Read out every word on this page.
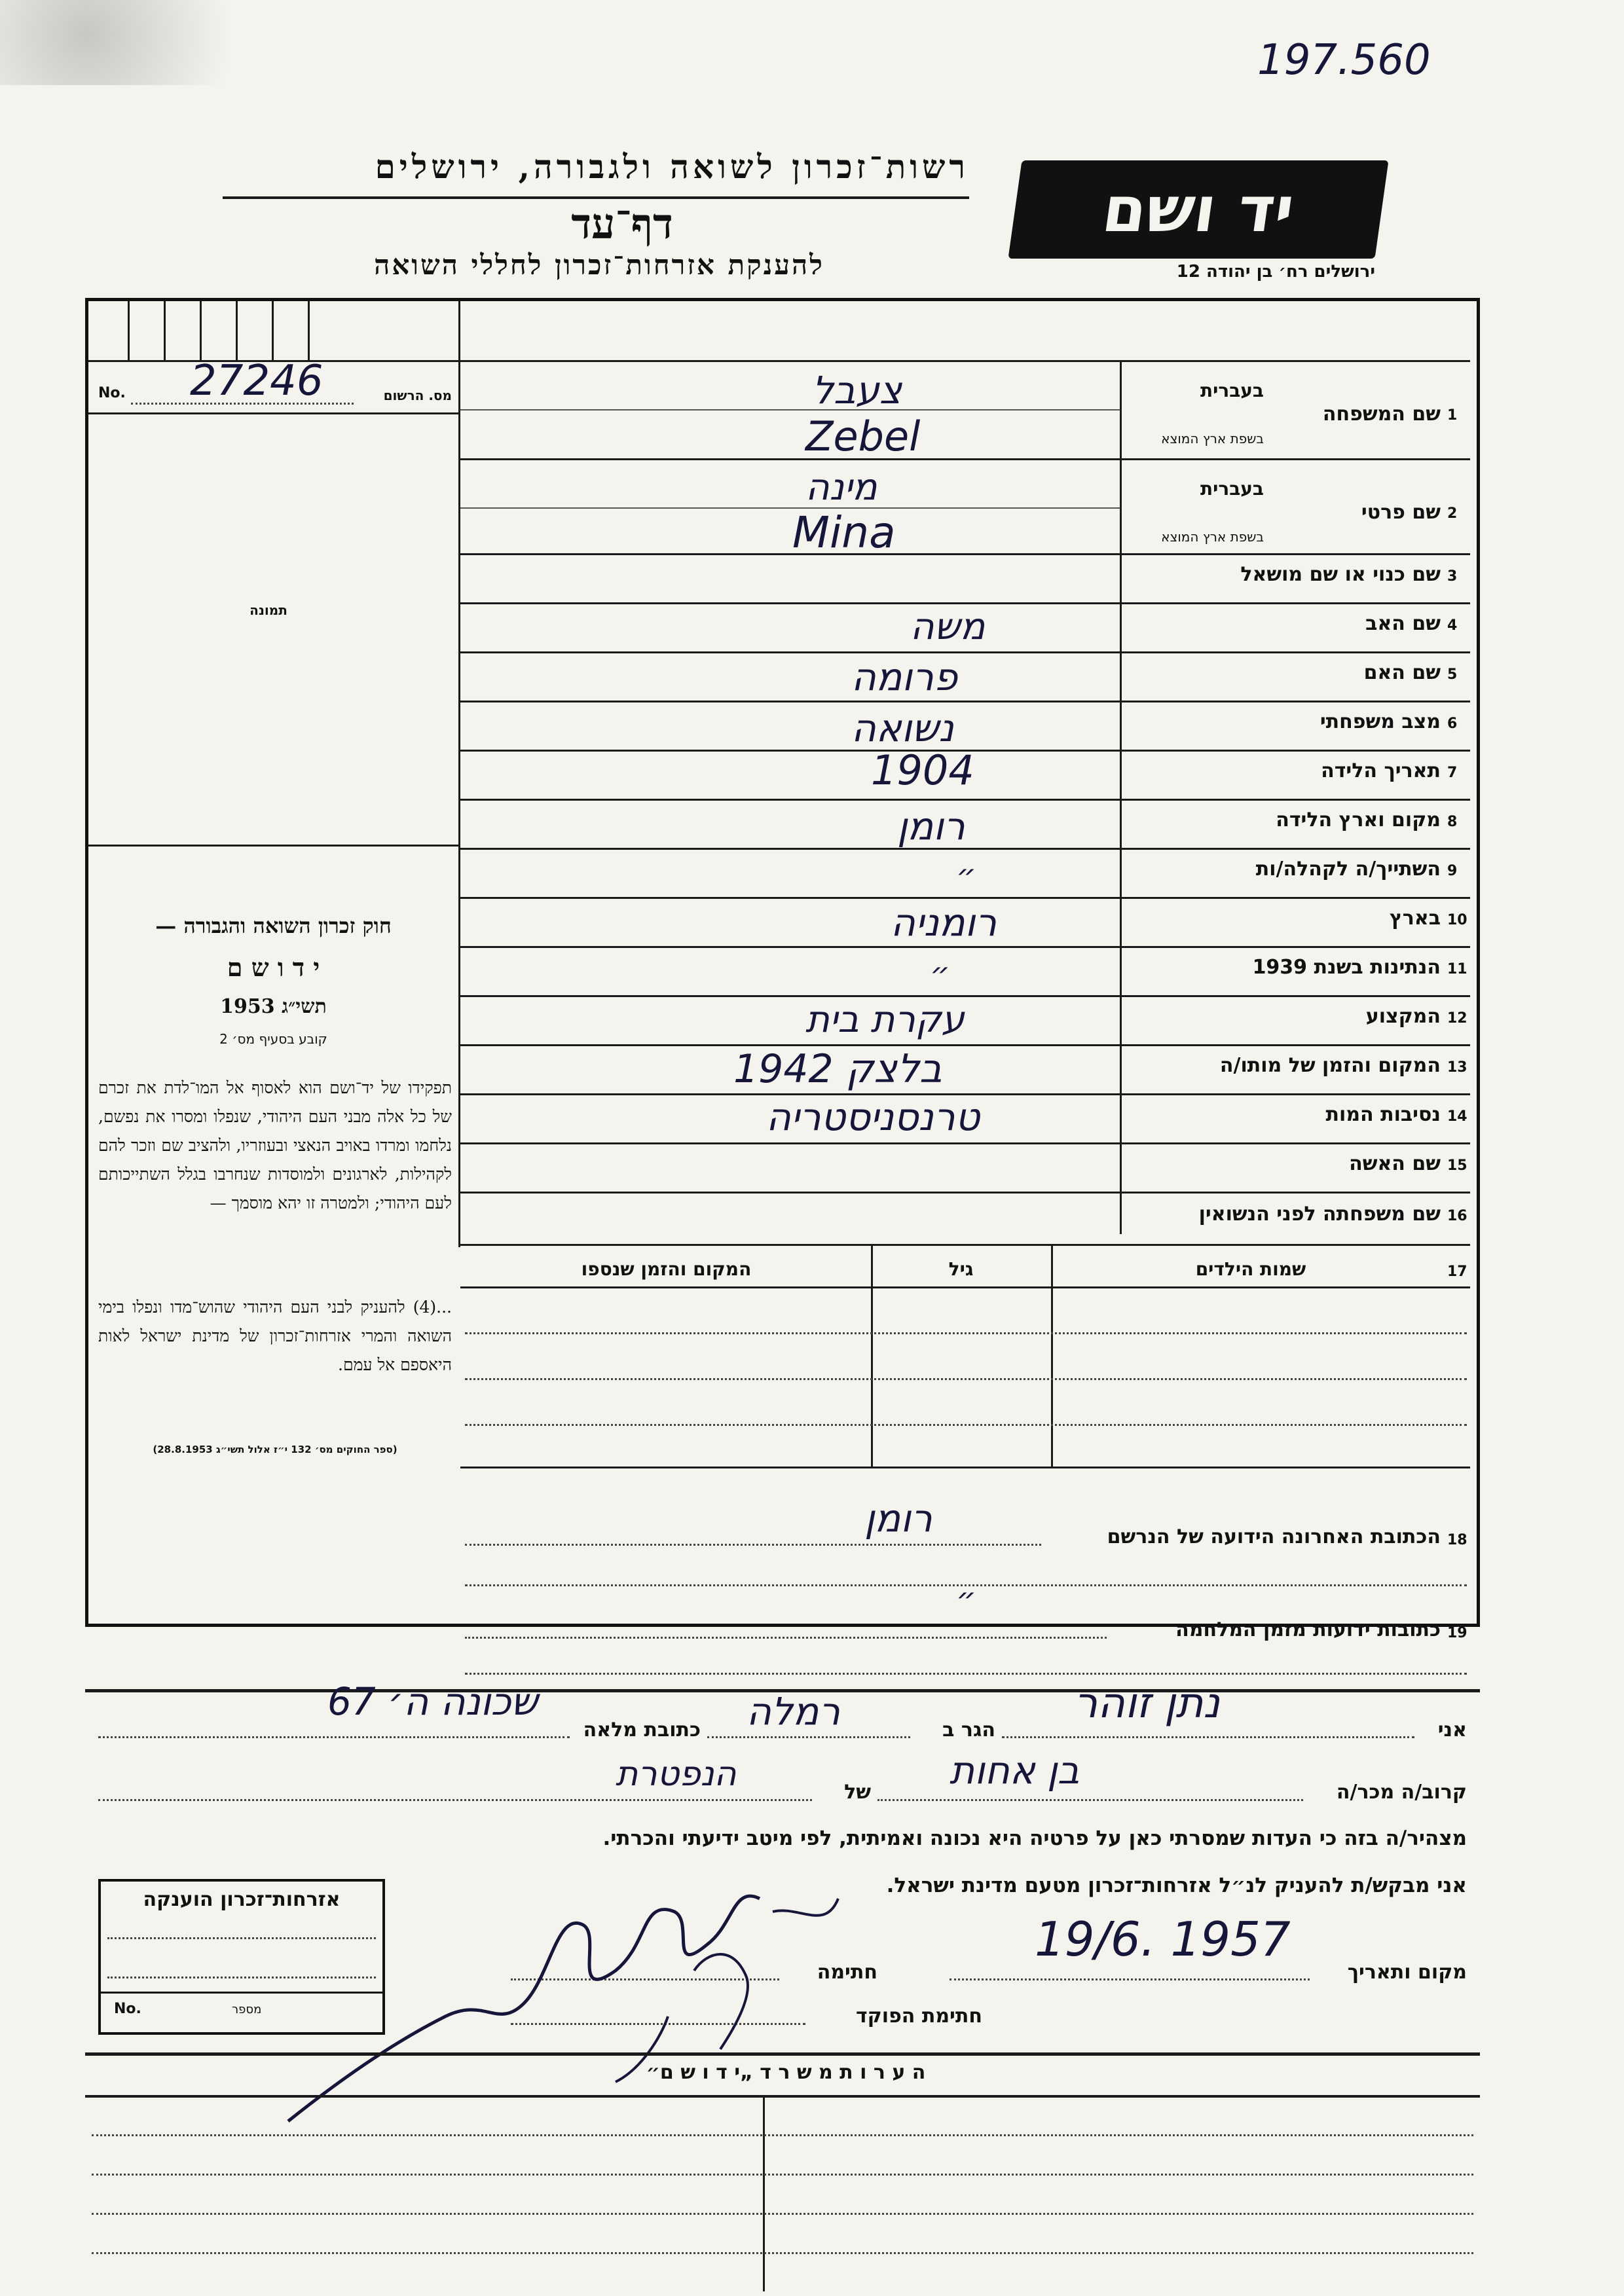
197.560
רשות־זכרון לשואה ולגבורה, ירושלים
דף־עד
להענקת אזרחות־זכרון לחללי השואה
יד ושם
ירושלים רח׳ בן יהודה 12
No. 27246	מס. הרשום
תמונה
חוק זכרון השואה והגבורה —
י ד ו ש ם
תשי״ג 1953
קובע בסעיף מס׳ 2
תפקידו של יד־ושם הוא לאסוף אל המו־לדת את זכרם של כל אלה מבני העם היהודי, שנפלו ומסרו את נפשם, נלחמו ומרדו באויב הנאצי ובעוזריו, ולהציב שם וזכר להם לקהילות, לארגונים ולמוסדות שנחרבו בגלל השתייכותם לעם היהודי; ולמטרה זו יהא מוסמך —
...(4) להעניק לבני העם היהודי שהוש־מדו ונפלו בימי השואה והמרי אזרחות־זכרון של מדינת ישראל לאות היאספם אל עמם.
(ספר החוקים מס׳ 132 י״ז אלול תשי״ג 28.8.1953)
1
שם המשפחה
בעברית
בשפת ארץ המוצא
צעבל
Zebel
2
שם פרטי
בעברית
בשפת ארץ המוצא
מינה
Mina
3
שם כנוי או שם מושאל
4
שם האב
משה
5
שם האם
פרומה
6
מצב משפחתי
נשואה
7
תאריך הלידה
1904
8
מקום וארץ הלידה
רומן
9
השתייך/ה לקהלה/ות
״
10
בארץ
רומניה
11
הנתינות בשנת 1939
״
12
המקצוע
עקרת בית
13
המקום והזמן של מותו/ה
בלצק 1942
14
נסיבות המות
טרנסניסטריה
15
שם האשה
16
שם משפחתה לפני הנשואין
17
שמות הילדים
גיל
המקום והזמן שנספו
18
הכתובת האחרונה הידועה של הנרשם
רומן
19
כתובות ידועות מזמן המלחמה
״
אני
נתן זוהר
הגר ב
רמלה
כתובת מלאה
שכונה ה׳ 67
קרוב/ה מכר/ה
בן אחות
של
הנפטרת
מצהיר/ה בזה כי העדות שמסרתי כאן על פרטיה היא נכונה ואמיתית, לפי מיטב ידיעתי והכרתי.
אני מבקש/ת להעניק לנ״ל אזרחות־זכרון מטעם מדינת ישראל.
מקום ותאריך
19/6. 1957
חתימה
חתימת הפוקד
אזרחות־זכרון הוענקה
No.	מספר
ה ע ר ו ת מ ש ר ד „י ד ו ש ם״
